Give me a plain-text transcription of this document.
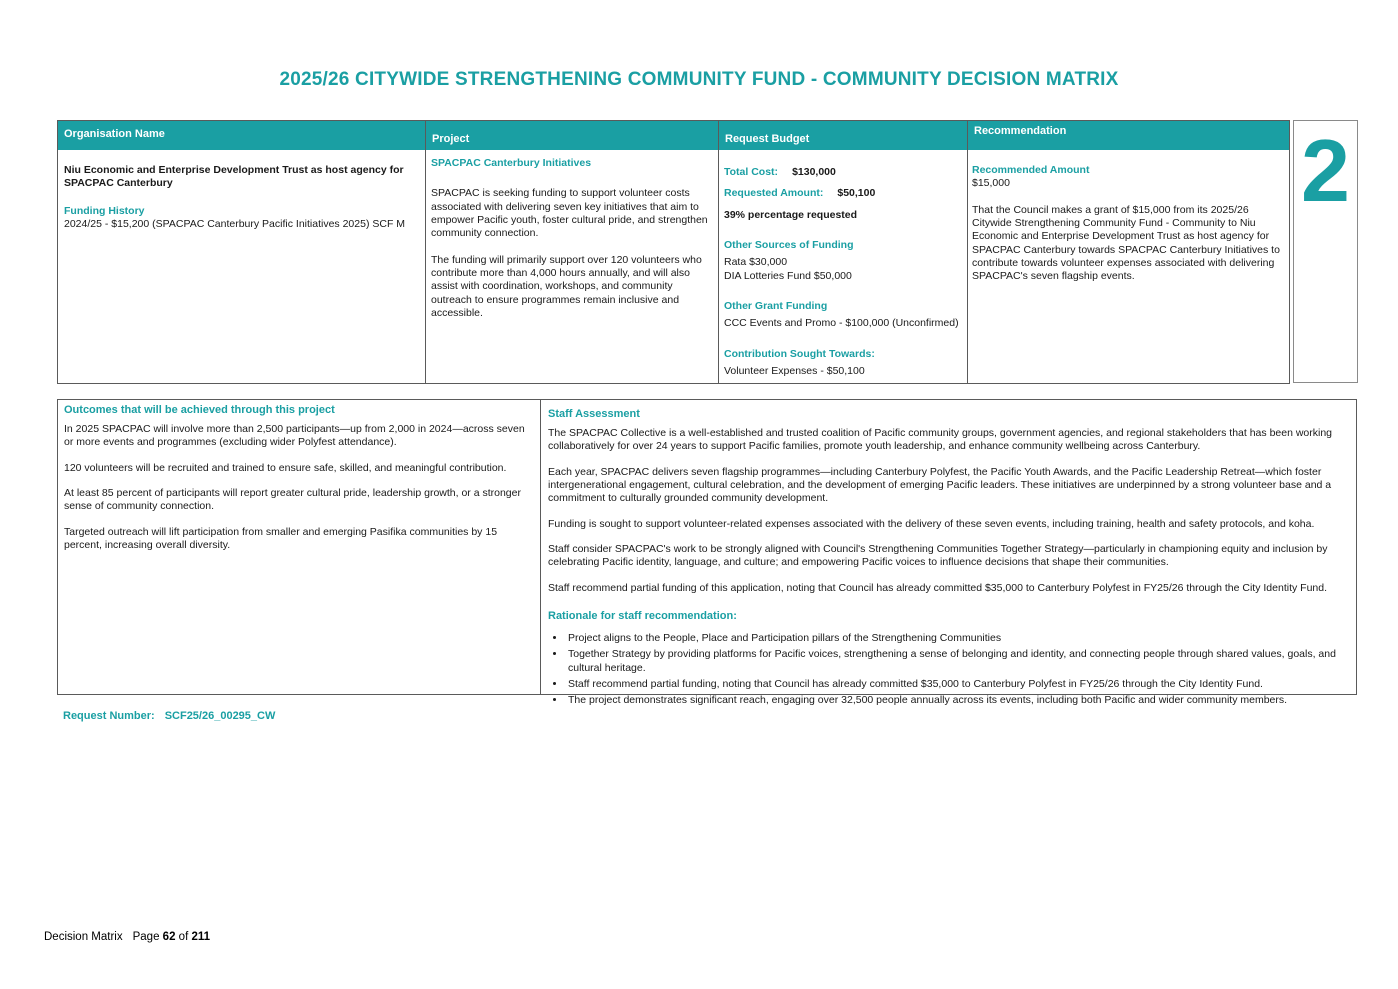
2025/26 CITYWIDE STRENGTHENING COMMUNITY FUND - COMMUNITY DECISION MATRIX
Organisation Name	Project	Request Budget
Recommendation
Niu Economic and Enterprise Development Trust as host agency for SPACPAC Canterbury
Funding History
2024/25 - $15,200 (SPACPAC Canterbury Pacific Initiatives 2025) SCF M
SPACPAC Canterbury Initiatives
SPACPAC is seeking funding to support volunteer costs associated with delivering seven key initiatives that aim to empower Pacific youth, foster cultural pride, and strengthen community connection.
The funding will primarily support over 120 volunteers who contribute more than 4,000 hours annually, and will also assist with coordination, workshops, and community outreach to ensure programmes remain inclusive and accessible.
Total Cost: $130,000
Requested Amount: $50,100
39% percentage requested
Other Sources of Funding
Rata $30,000
DIA Lotteries Fund $50,000
Other Grant Funding
CCC Events and Promo - $100,000 (Unconfirmed)
Contribution Sought Towards:
Volunteer Expenses - $50,100
Recommended Amount
$15,000
That the Council makes a grant of $15,000 from its 2025/26 Citywide Strengthening Community Fund - Community to Niu Economic and Enterprise Development Trust as host agency for SPACPAC Canterbury towards SPACPAC Canterbury Initiatives to contribute towards volunteer expenses associated with delivering SPACPAC's seven flagship events.
2
Outcomes that will be achieved through this project
In 2025 SPACPAC will involve more than 2,500 participants—up from 2,000 in 2024—across seven or more events and programmes (excluding wider Polyfest attendance).
120 volunteers will be recruited and trained to ensure safe, skilled, and meaningful contribution.
At least 85 percent of participants will report greater cultural pride, leadership growth, or a stronger sense of community connection.
Targeted outreach will lift participation from smaller and emerging Pasifika communities by 15 percent, increasing overall diversity.
Staff Assessment
The SPACPAC Collective is a well-established and trusted coalition of Pacific community groups, government agencies, and regional stakeholders that has been working collaboratively for over 24 years to support Pacific families, promote youth leadership, and enhance community wellbeing across Canterbury.
Each year, SPACPAC delivers seven flagship programmes—including Canterbury Polyfest, the Pacific Youth Awards, and the Pacific Leadership Retreat—which foster intergenerational engagement, cultural celebration, and the development of emerging Pacific leaders. These initiatives are underpinned by a strong volunteer base and a commitment to culturally grounded community development.
Funding is sought to support volunteer-related expenses associated with the delivery of these seven events, including training, health and safety protocols, and koha.
Staff consider SPACPAC's work to be strongly aligned with Council's Strengthening Communities Together Strategy—particularly in championing equity and inclusion by celebrating Pacific identity, language, and culture; and empowering Pacific voices to influence decisions that shape their communities.
Staff recommend partial funding of this application, noting that Council has already committed $35,000 to Canterbury Polyfest in FY25/26 through the City Identity Fund.
Rationale for staff recommendation:
• Project aligns to the People, Place and Participation pillars of the Strengthening Communities
• Together Strategy by providing platforms for Pacific voices, strengthening a sense of belonging and identity, and connecting people through shared values, goals, and cultural heritage.
• Staff recommend partial funding, noting that Council has already committed $35,000 to Canterbury Polyfest in FY25/26 through the City Identity Fund.
• The project demonstrates significant reach, engaging over 32,500 people annually across its events, including both Pacific and wider community members.
Request Number: SCF25/26_00295_CW
Decision Matrix Page 62 of 211
